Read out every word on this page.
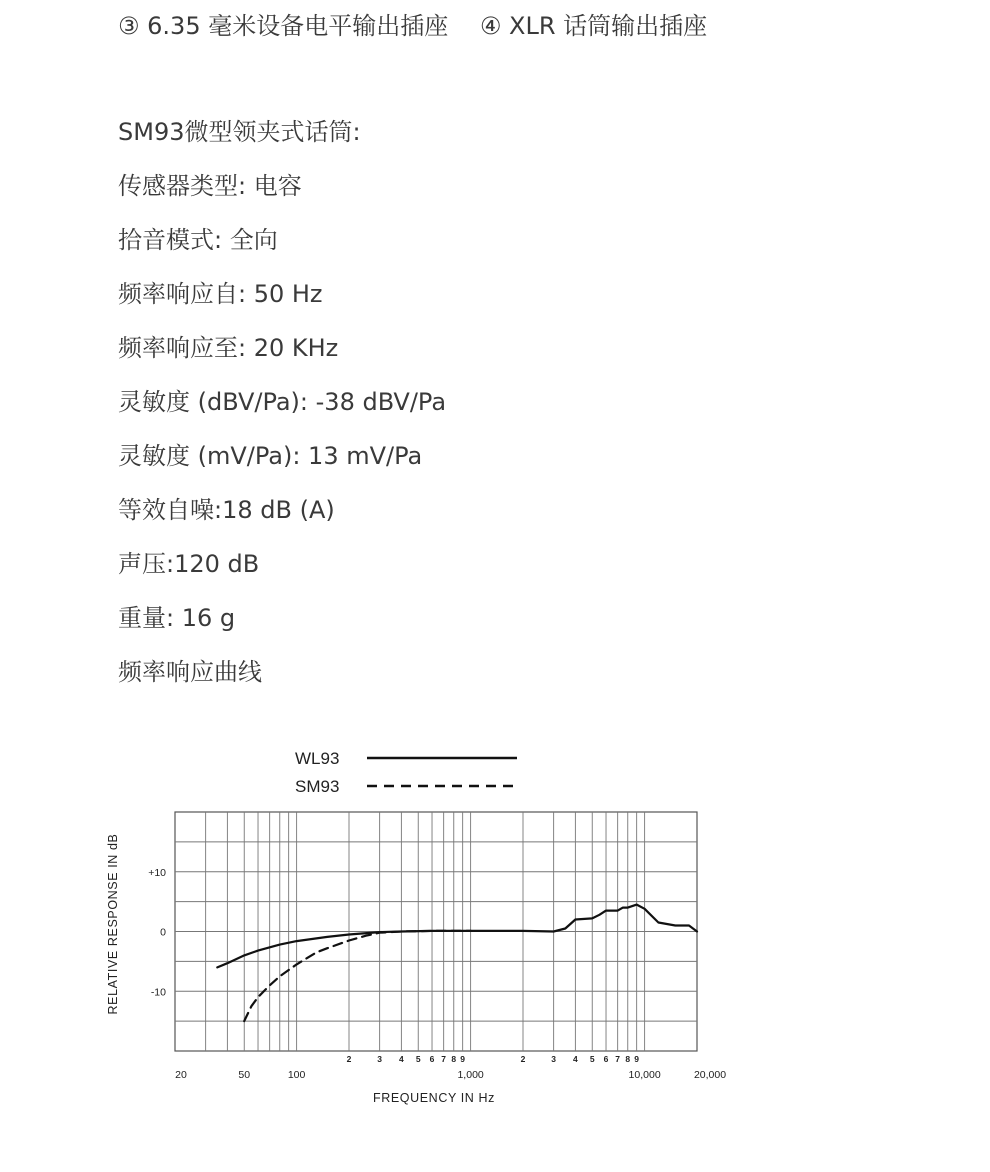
③ 6.35 毫米设备电平输出插座 ④ XLR 话筒输出插座
SM93微型领夹式话筒:
传感器类型: 电容
拾音模式: 全向
频率响应自: 50 Hz
频率响应至: 20 KHz
灵敏度 (dBV/Pa): -38 dBV/Pa
灵敏度 (mV/Pa): 13 mV/Pa
等效自噪:18 dB (A)
声压:120 dB
重量: 16 g
频率响应曲线
20	50	100
2	3 4 5 6 7 8 9
1,000
2	3 4 5 6 7 8 9
10,000	20,000
+10
0
-10
FREQUENCY IN Hz
RELATIVE RESPONSE IN dB
WL93
SM93
